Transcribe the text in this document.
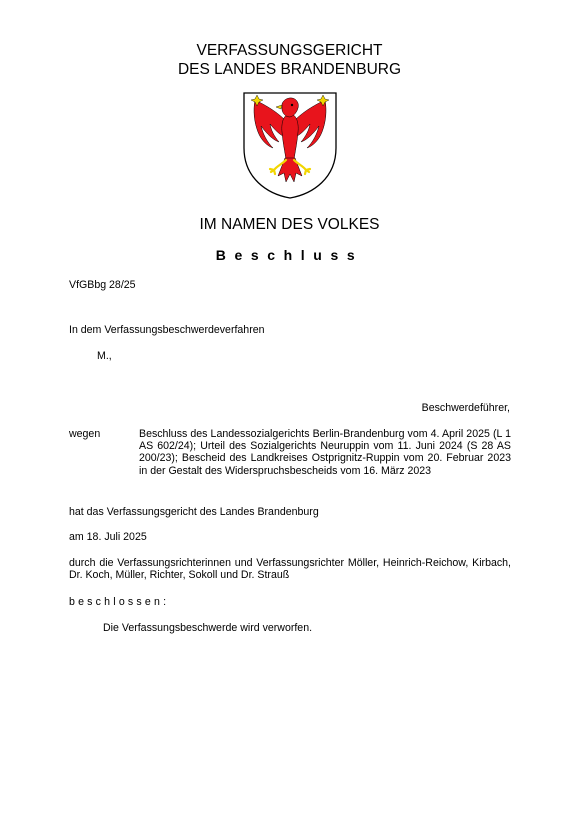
VERFASSUNGSGERICHT
DES LANDES BRANDENBURG
IM NAMEN DES VOLKES
Beschluss
VfGBbg 28/25
In dem Verfassungsbeschwerdeverfahren
M.,
Beschwerdeführer,
wegen	Beschluss des Landessozialgerichts Berlin-Brandenburg vom 4. April 2025 (L 1 AS 602/24); Urteil des Sozialgerichts Neuruppin vom 11. Juni 2024 (S 28 AS 200/23); Bescheid des Landkreises Ostprignitz-Ruppin vom 20. Februar 2023 in der Gestalt des Widerspruchsbescheids vom 16. März 2023
hat das Verfassungsgericht des Landes Brandenburg
am 18. Juli 2025
durch die Verfassungsrichterinnen und Verfassungsrichter Möller, Heinrich-Reichow, Kirbach, Dr. Koch, Müller, Richter, Sokoll und Dr. Strauß
beschlossen:
Die Verfassungsbeschwerde wird verworfen.
